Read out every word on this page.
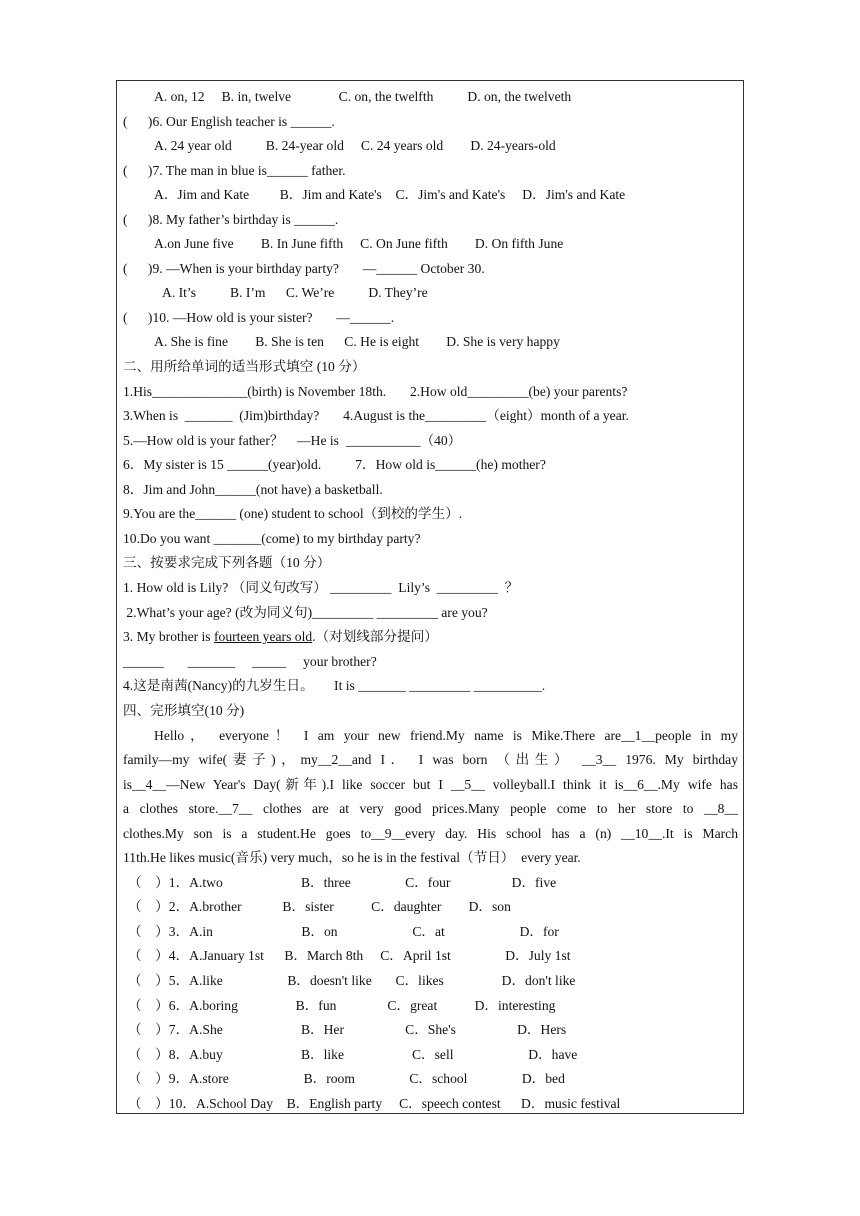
A. on, 12     B. in, twelve              C. on, the twelfth          D. on, the twelveth
(      )6. Our English teacher is ______.
A. 24 year old          B. 24-year old     C. 24 years old        D. 24-years-old
(      )7. The man in blue is______ father.
A．Jim and Kate         B．Jim and Kate's    C．Jim's and Kate's     D．Jim's and Kate
(      )8. My father’s birthday is ______.
A.on June five        B. In June fifth     C. On June fifth        D. On fifth June
(      )9. —When is your birthday party?       —______ October 30.
A. It’s          B. I’m      C. We’re          D. They’re
(      )10. —How old is your sister?       —______.
A. She is fine        B. She is ten      C. He is eight        D. She is very happy
二、用所给单词的适当形式填空 (10 分）
1.His______________(birth) is November 18th.       2.How old_________(be) your parents?
3.When is  _______  (Jim)birthday?       4.August is the_________（eight）month of a year.
5.—How old is your father？    —He is  ___________（40）
6．My sister is 15 ______(year)old.          7．How old is______(he) mother?
8．Jim and John______(not have) a basketball.
9.You are the______ (one) student to school（到校的学生）.
10.Do you want _______(come) to my birthday party?
三、按要求完成下列各题（10 分）
1. How old is Lily? （同义句改写） _________  Lily’s  _________  ？
2.What’s your age? (改为同义句)_________ _________ are you?
3. My brother is fourteen years old.（对划线部分提问）
______       _______     _____     your brother?
4.这是南茜(Nancy)的九岁生日。      It is _______ _________ __________.
四、完形填空(10 分)
Hello， everyone！ I am your new friend.My name is Mike.There are__1__people in my
family—my wife(妻子)，my__2__and I． I was born （出生） __3__ 1976. My birthday
is__4__—New Year's Day(新年).I like soccer but I __5__ volleyball.I think it is__6__.My wife has
a clothes store.__7__ clothes are at very good prices.Many people come to her store to __8__
clothes.My son is a student.He goes to__9__every day. His school has a (n) __10__.It is March
11th.He likes music(音乐) very much，so he is in the festival（节日）  every year.
（    ）1．A.two                       B．three                C．four                  D．five
（    ）2．A.brother            B．sister           C．daughter        D．son
（    ）3．A.in                          B．on                      C．at                      D．for
（    ）4．A.January 1st      B．March 8th     C．April 1st                D．July 1st
（    ）5．A.like                   B．doesn't like       C．likes                 D．don't like
（    ）6．A.boring                 B．fun               C．great           D．interesting
（    ）7．A.She                       B．Her                  C．She's                  D．Hers
（    ）8．A.buy                       B．like                    C．sell                      D．have
（    ）9．A.store                      B．room                C．school                D．bed
（    ）10．A.School Day    B．English party     C．speech contest      D．music festival
